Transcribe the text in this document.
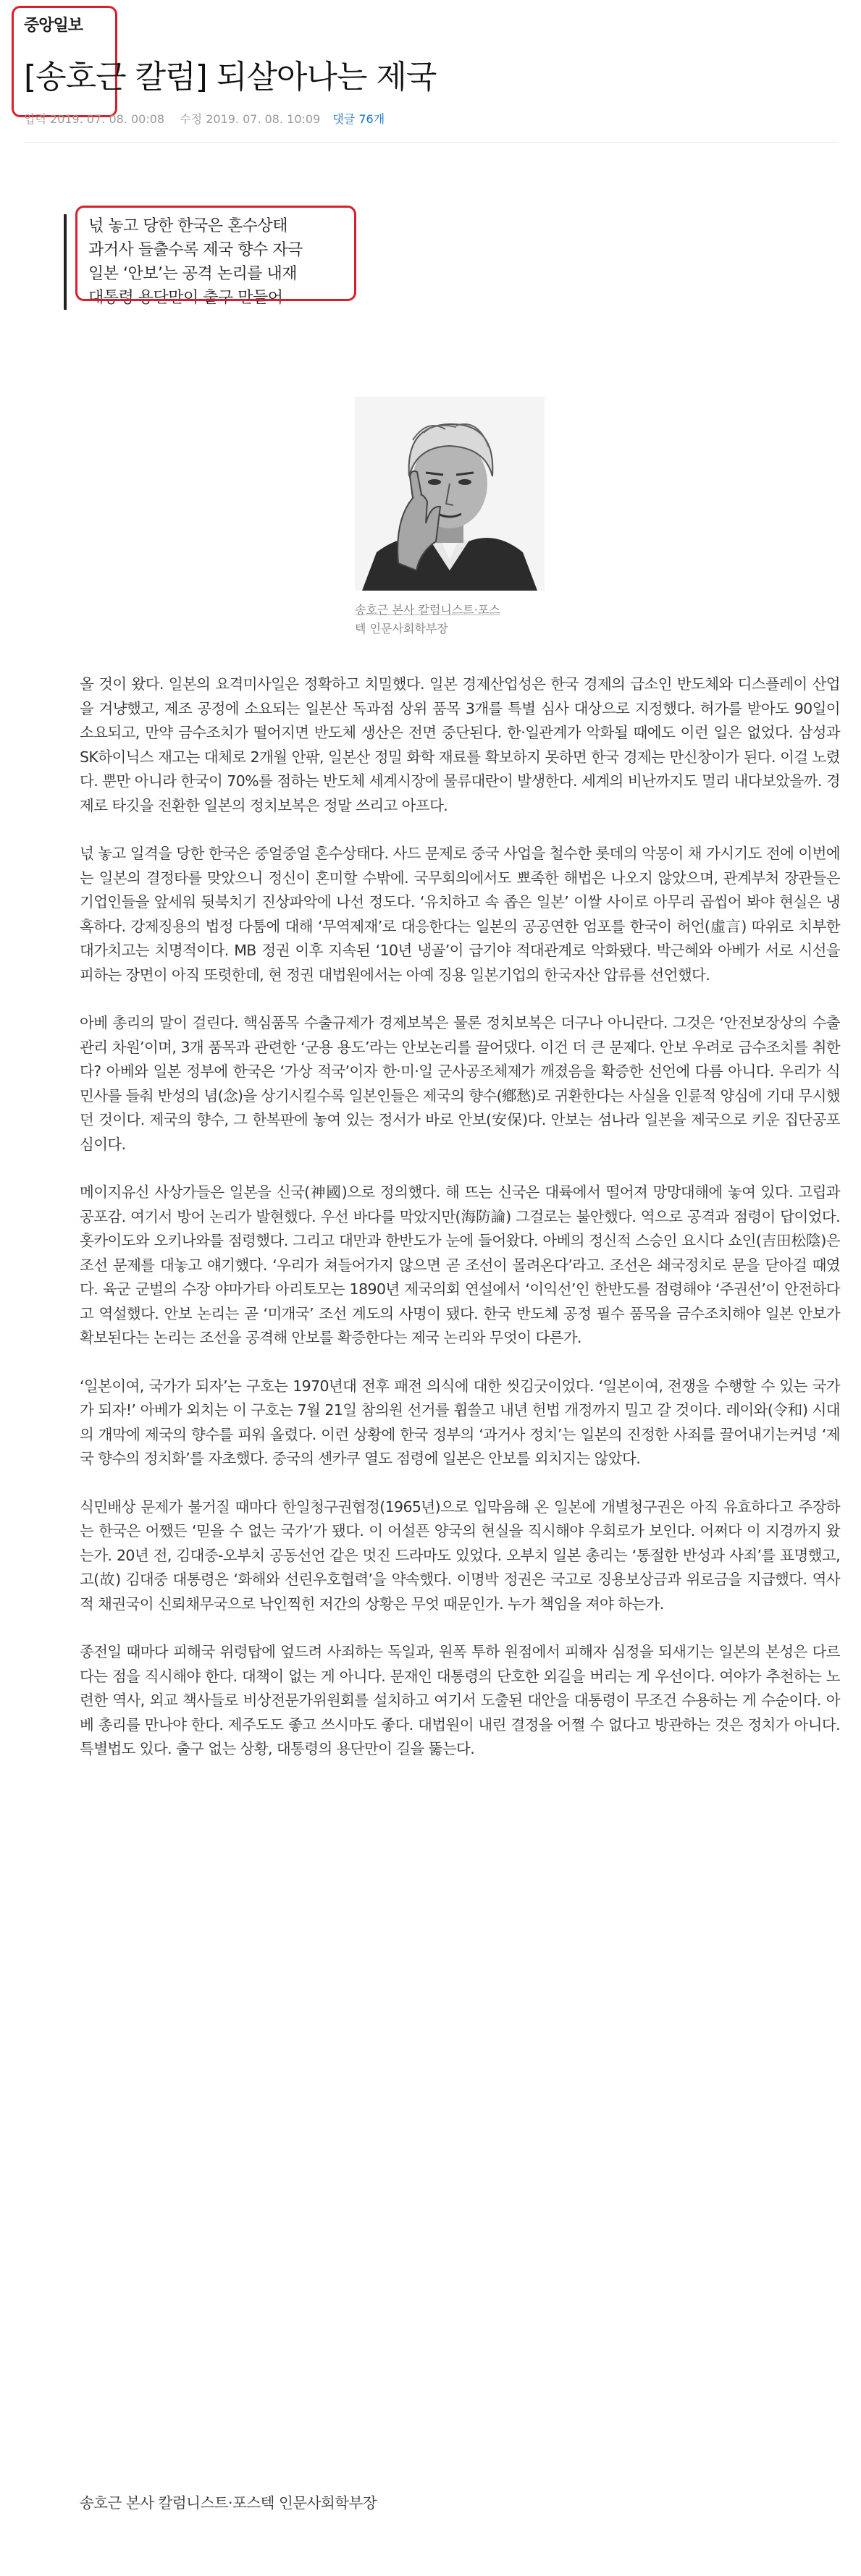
중앙일보
[송호근 칼럼] 되살아나는 제국
입력 2019. 07. 08. 00:08 수정 2019. 07. 08. 10:09 댓글 76개

넋 놓고 당한 한국은 혼수상태

과거사 들출수록 제국 향수 자극

일본 ‘안보’는 공격 논리를 내재

대통령 용단만이 출구 만들어

송호근 본사 칼럼니스트·포스

텍 인문사회학부장

올 것이 왔다. 일본의 요격미사일은 정확하고 치밀했다. 일본 경제산업성은 한국 경제의 급소인 반도체와 디스플레이 산업을 겨냥했고, 제조 공정에 소요되는 일본산 독과점 상위 품목 3개를 특별 심사 대상으로 지정했다. 허가를 받아도 90일이 소요되고, 만약 금수조치가 떨어지면 반도체 생산은 전면 중단된다. 한·일관계가 악화될 때에도 이런 일은 없었다. 삼성과 SK하이닉스 재고는 대체로 2개월 안팎, 일본산 정밀 화학 재료를 확보하지 못하면 한국 경제는 만신창이가 된다. 이걸 노렸다. 뿐만 아니라 한국이 70%를 점하는 반도체 세계시장에 물류대란이 발생한다. 세계의 비난까지도 멀리 내다보았을까. 경제로 타깃을 전환한 일본의 정치보복은 정말 쓰리고 아프다.

넋 놓고 일격을 당한 한국은 중얼중얼 혼수상태다. 사드 문제로 중국 사업을 철수한 롯데의 악몽이 채 가시기도 전에 이번에는 일본의 결정타를 맞았으니 정신이 혼미할 수밖에. 국무회의에서도 뾰족한 해법은 나오지 않았으며, 관계부처 장관들은 기업인들을 앞세워 뒷북치기 진상파악에 나선 정도다. ‘유치하고 속 좁은 일본’ 이쌀 사이로 아무리 곱씹어 봐야 현실은 냉혹하다. 강제징용의 법정 다툼에 대해 ‘무역제재’로 대응한다는 일본의 공공연한 엄포를 한국이 허언(虛言) 따위로 치부한 대가치고는 치명적이다. MB 정권 이후 지속된 ‘10년 냉골’이 급기야 적대관계로 악화됐다. 박근혜와 아베가 서로 시선을 피하는 장면이 아직 또렷한데, 현 정권 대법원에서는 아예 징용 일본기업의 한국자산 압류를 선언했다.

아베 총리의 말이 걸린다. 핵심품목 수출규제가 경제보복은 물론 정치보복은 더구나 아니란다. 그것은 ‘안전보장상의 수출관리 차원’이며, 3개 품목과 관련한 ‘군용 용도’라는 안보논리를 끌어댔다. 이건 더 큰 문제다. 안보 우려로 금수조치를 취한다? 아베와 일본 정부에 한국은 ‘가상 적국’이자 한·미·일 군사공조체제가 깨졌음을 확증한 선언에 다름 아니다. 우리가 식민사를 들춰 반성의 념(念)을 상기시킬수록 일본인들은 제국의 향수(鄕愁)로 귀환한다는 사실을 인륜적 양심에 기대 무시했던 것이다. 제국의 향수, 그 한복판에 놓여 있는 정서가 바로 안보(安保)다. 안보는 섬나라 일본을 제국으로 키운 집단공포심이다.

메이지유신 사상가들은 일본을 신국(神國)으로 정의했다. 해 뜨는 신국은 대륙에서 떨어져 망망대해에 놓여 있다. 고립과 공포감. 여기서 방어 논리가 발현했다. 우선 바다를 막았지만(海防論) 그걸로는 불안했다. 역으로 공격과 점령이 답이었다. 홋카이도와 오키나와를 점령했다. 그리고 대만과 한반도가 눈에 들어왔다. 아베의 정신적 스승인 요시다 쇼인(吉田松陰)은 조선 문제를 대놓고 얘기했다. ‘우리가 쳐들어가지 않으면 곧 조선이 몰려온다’라고. 조선은 쇄국정치로 문을 닫아걸 때였다. 육군 군벌의 수장 야마가타 아리토모는 1890년 제국의회 연설에서 ‘이익선’인 한반도를 점령해야 ‘주권선’이 안전하다고 역설했다. 안보 논리는 곧 ‘미개국’ 조선 계도의 사명이 됐다. 한국 반도체 공정 필수 품목을 금수조치해야 일본 안보가 확보된다는 논리는 조선을 공격해 안보를 확증한다는 제국 논리와 무엇이 다른가.

‘일본이여, 국가가 되자’는 구호는 1970년대 전후 패전 의식에 대한 씻김굿이었다. ‘일본이여, 전쟁을 수행할 수 있는 국가가 되자!’ 아베가 외치는 이 구호는 7월 21일 참의원 선거를 휩쓸고 내년 헌법 개정까지 밀고 갈 것이다. 레이와(令和) 시대의 개막에 제국의 향수를 피워 올렸다. 이런 상황에 한국 정부의 ‘과거사 정치’는 일본의 진정한 사죄를 끌어내기는커녕 ‘제국 향수의 정치화’를 자초했다. 중국의 센카쿠 열도 점령에 일본은 안보를 외치지는 않았다.

식민배상 문제가 불거질 때마다 한일청구권협정(1965년)으로 입막음해 온 일본에 개별청구권은 아직 유효하다고 주장하는 한국은 어쨌든 ‘믿을 수 없는 국가’가 됐다. 이 어설픈 양국의 현실을 직시해야 우회로가 보인다. 어쩌다 이 지경까지 왔는가. 20년 전, 김대중-오부치 공동선언 같은 멋진 드라마도 있었다. 오부치 일본 총리는 ‘통절한 반성과 사죄’를 표명했고, 고(故) 김대중 대통령은 ‘화해와 선린우호협력’을 약속했다. 이명박 정권은 국고로 징용보상금과 위로금을 지급했다. 역사적 채권국이 신뢰채무국으로 낙인찍힌 저간의 상황은 무엇 때문인가. 누가 책임을 져야 하는가.

종전일 때마다 피해국 위령탑에 엎드려 사죄하는 독일과, 원폭 투하 원점에서 피해자 심정을 되새기는 일본의 본성은 다르다는 점을 직시해야 한다. 대책이 없는 게 아니다. 문재인 대통령의 단호한 외길을 버리는 게 우선이다. 여야가 추천하는 노련한 역사, 외교 책사들로 비상전문가위원회를 설치하고 여기서 도출된 대안을 대통령이 무조건 수용하는 게 수순이다. 아베 총리를 만나야 한다. 제주도도 좋고 쓰시마도 좋다. 대법원이 내린 결정을 어쩔 수 없다고 방관하는 것은 정치가 아니다. 특별법도 있다. 출구 없는 상황, 대통령의 용단만이 길을 뚫는다.

송호근 본사 칼럼니스트·포스텍 인문사회학부장
